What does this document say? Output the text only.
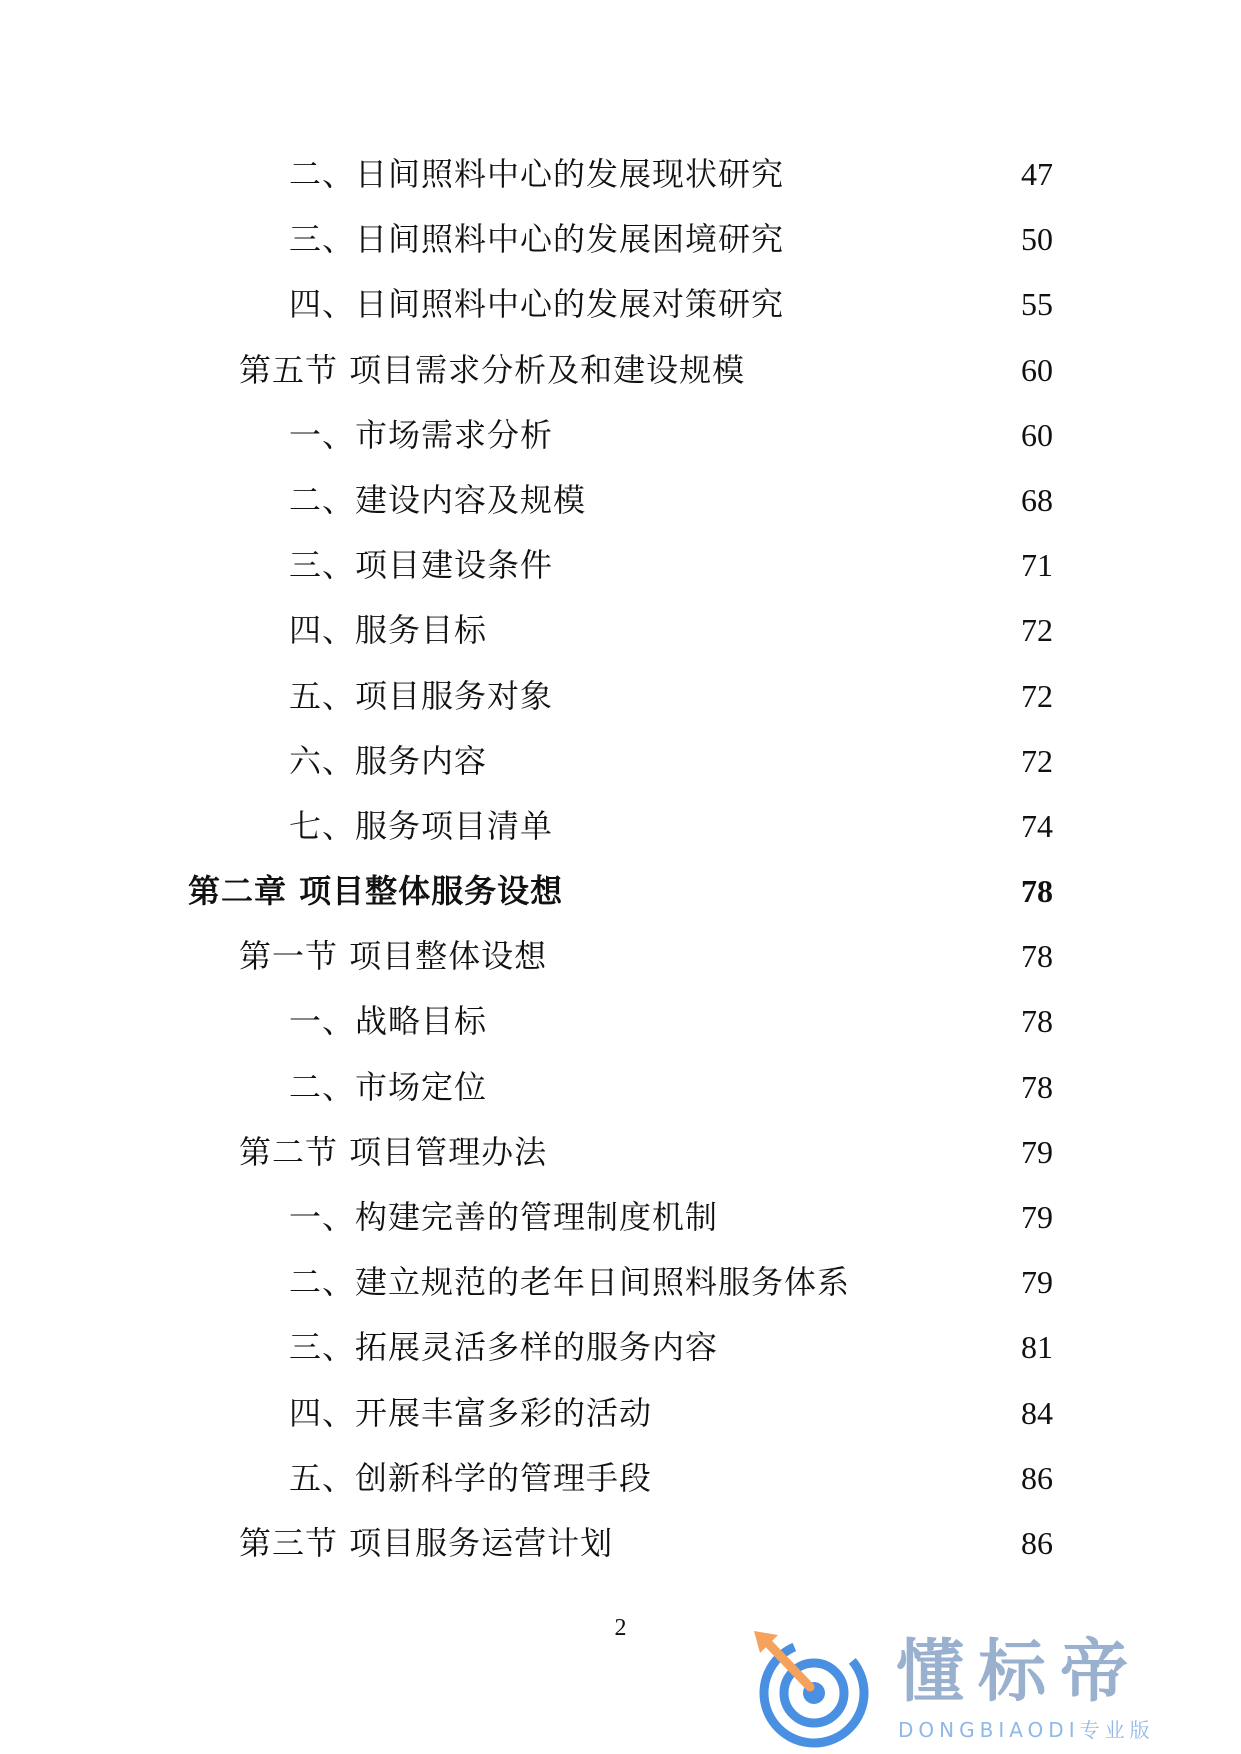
二、日间照料中心的发展现状研究	47
三、日间照料中心的发展困境研究	50
四、日间照料中心的发展对策研究	55
第五节 项目需求分析及和建设规模	60
一、市场需求分析	60
二、建设内容及规模	68
三、项目建设条件	71
四、服务目标	72
五、项目服务对象	72
六、服务内容	72
七、服务项目清单	74
第二章 项目整体服务设想	78
第一节 项目整体设想	78
一、战略目标	78
二、市场定位	78
第二节 项目管理办法	79
一、构建完善的管理制度机制	79
二、建立规范的老年日间照料服务体系	79
三、拓展灵活多样的服务内容	81
四、开展丰富多彩的活动	84
五、创新科学的管理手段	86
第三节 项目服务运营计划	86
2
懂标帝
DONGBIAODI专业版
